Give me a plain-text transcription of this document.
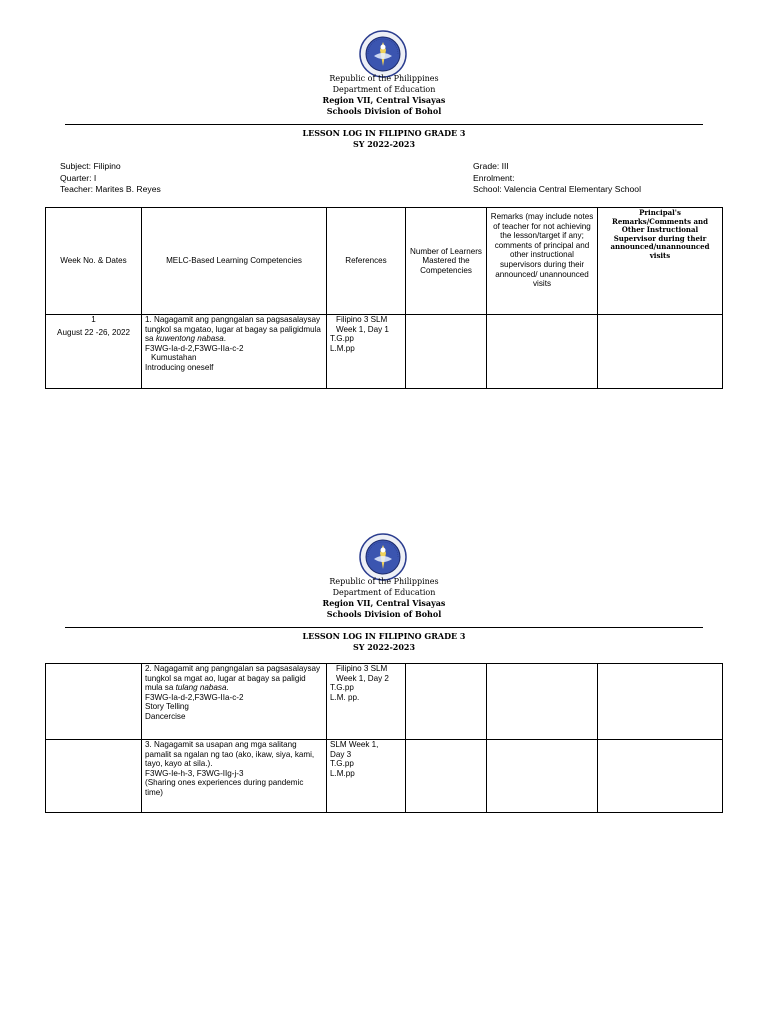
Republic of the Philippines
Department of Education
Region VII, Central Visayas
Schools Division of Bohol
LESSON LOG IN FILIPINO GRADE 3
SY 2022-2023
Subject: Filipino
Quarter: I
Teacher: Marites B. Reyes
Grade: III
Enrolment:
School: Valencia Central Elementary School
Week No. & Dates	MELC-Based Learning Competencies	References	Number of Learners Mastered the Competencies	Remarks (may include notes of teacher for not achieving the lesson/target if any; comments of principal and other instructional supervisors during their announced/ unannounced visits	Principal's Remarks/Comments and Other Instructional Supervisor during their announced/unannounced visits

1
August 22 -26, 2022	1. Nagagamit ang pangngalan sa pagsasalaysay tungkol sa mgatao, lugar at bagay sa paligidmula sa kuwentong nabasa.
F3WG-Ia-d-2,F3WG-IIa-c-2
Kumustahan
Introducing oneself	Filipino 3 SLM
Week 1, Day 1
T.G.pp
L.M.pp			

Republic of the Philippines
Department of Education
Region VII, Central Visayas
Schools Division of Bohol
LESSON LOG IN FILIPINO GRADE 3
SY 2022-2023
	2. Nagagamit ang pangngalan sa pagsasalaysay tungkol sa mgat ao, lugar at bagay sa paligid mula sa tulang nabasa.
F3WG-Ia-d-2,F3WG-IIa-c-2
Story Telling
Dancercise	Filipino 3 SLM
Week 1, Day 2
T.G.pp
L.M. pp.			

	3. Nagagamit sa usapan ang mga salitang pamalit sa ngalan ng tao (ako, ikaw, siya, kami, tayo, kayo at sila.).
F3WG-Ie-h-3, F3WG-IIg-j-3
(Sharing ones experiences during pandemic time)	SLM Week 1,
Day 3
T.G.pp
L.M.pp			
